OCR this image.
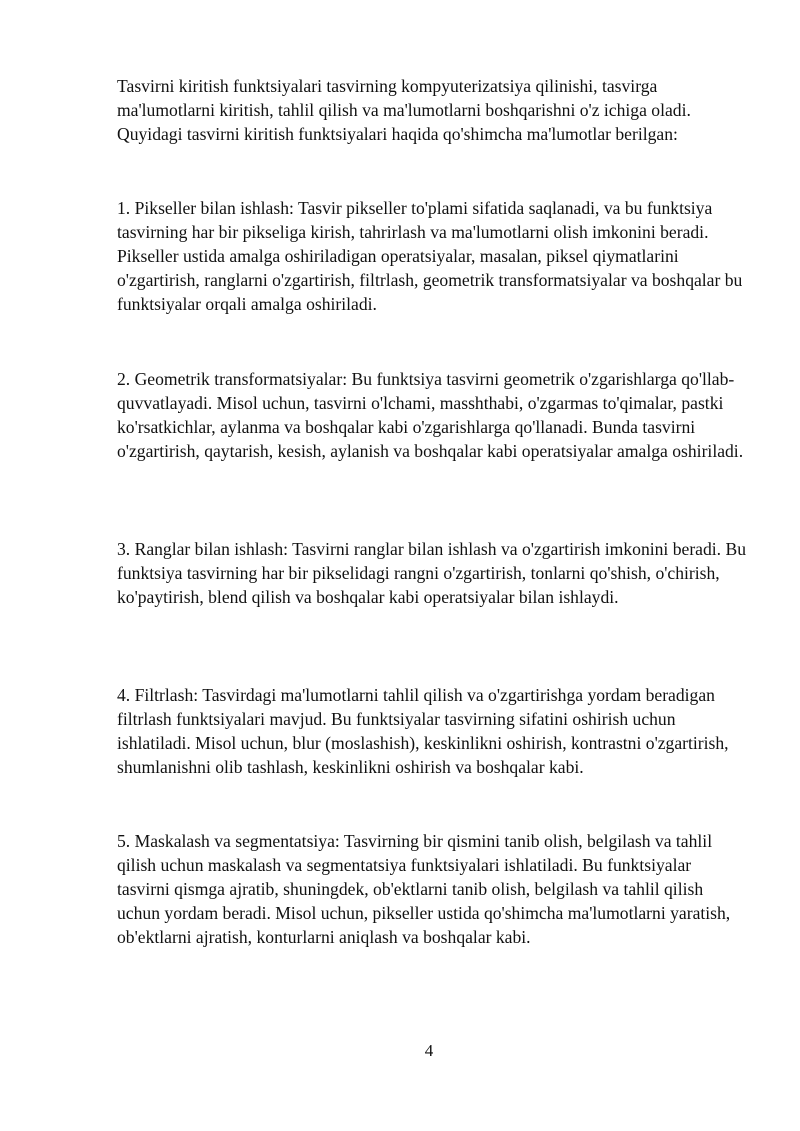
Tasvirni kiritish funktsiyalari tasvirning kompyuterizatsiya qilinishi, tasvirga ma'lumotlarni kiritish, tahlil qilish va ma'lumotlarni boshqarishni o'z ichiga oladi. Quyidagi tasvirni kiritish funktsiyalari haqida qo'shimcha ma'lumotlar berilgan:

1. Pikseller bilan ishlash: Tasvir pikseller to'plami sifatida saqlanadi, va bu funktsiya tasvirning har bir pikseliga kirish, tahrirlash va ma'lumotlarni olish imkonini beradi. Pikseller ustida amalga oshiriladigan operatsiyalar, masalan, piksel qiymatlarini o'zgartirish, ranglarni o'zgartirish, filtrlash, geometrik transformatsiyalar va boshqalar bu funktsiyalar orqali amalga oshiriladi.

2. Geometrik transformatsiyalar: Bu funktsiya tasvirni geometrik o'zgarishlarga qo'llab-quvvatlayadi. Misol uchun, tasvirni o'lchami, masshthabi, o'zgarmas to'qimalar, pastki ko'rsatkichlar, aylanma va boshqalar kabi o'zgarishlarga qo'llanadi. Bunda tasvirni o'zgartirish, qaytarish, kesish, aylanish va boshqalar kabi operatsiyalar amalga oshiriladi.

3. Ranglar bilan ishlash: Tasvirni ranglar bilan ishlash va o'zgartirish imkonini beradi. Bu funktsiya tasvirning har bir pikselidagi rangni o'zgartirish, tonlarni qo'shish, o'chirish, ko'paytirish, blend qilish va boshqalar kabi operatsiyalar bilan ishlaydi.

4. Filtrlash: Tasvirdagi ma'lumotlarni tahlil qilish va o'zgartirishga yordam beradigan filtrlash funktsiyalari mavjud. Bu funktsiyalar tasvirning sifatini oshirish uchun ishlatiladi. Misol uchun, blur (moslashish), keskinlikni oshirish, kontrastni o'zgartirish, shumlanishni olib tashlash, keskinlikni oshirish va boshqalar kabi.

5. Maskalash va segmentatsiya: Tasvirning bir qismini tanib olish, belgilash va tahlil qilish uchun maskalash va segmentatsiya funktsiyalari ishlatiladi. Bu funktsiyalar tasvirni qismga ajratib, shuningdek, ob'ektlarni tanib olish, belgilash va tahlil qilish uchun yordam beradi. Misol uchun, pikseller ustida qo'shimcha ma'lumotlarni yaratish, ob'ektlarni ajratish, konturlarni aniqlash va boshqalar kabi.

4
